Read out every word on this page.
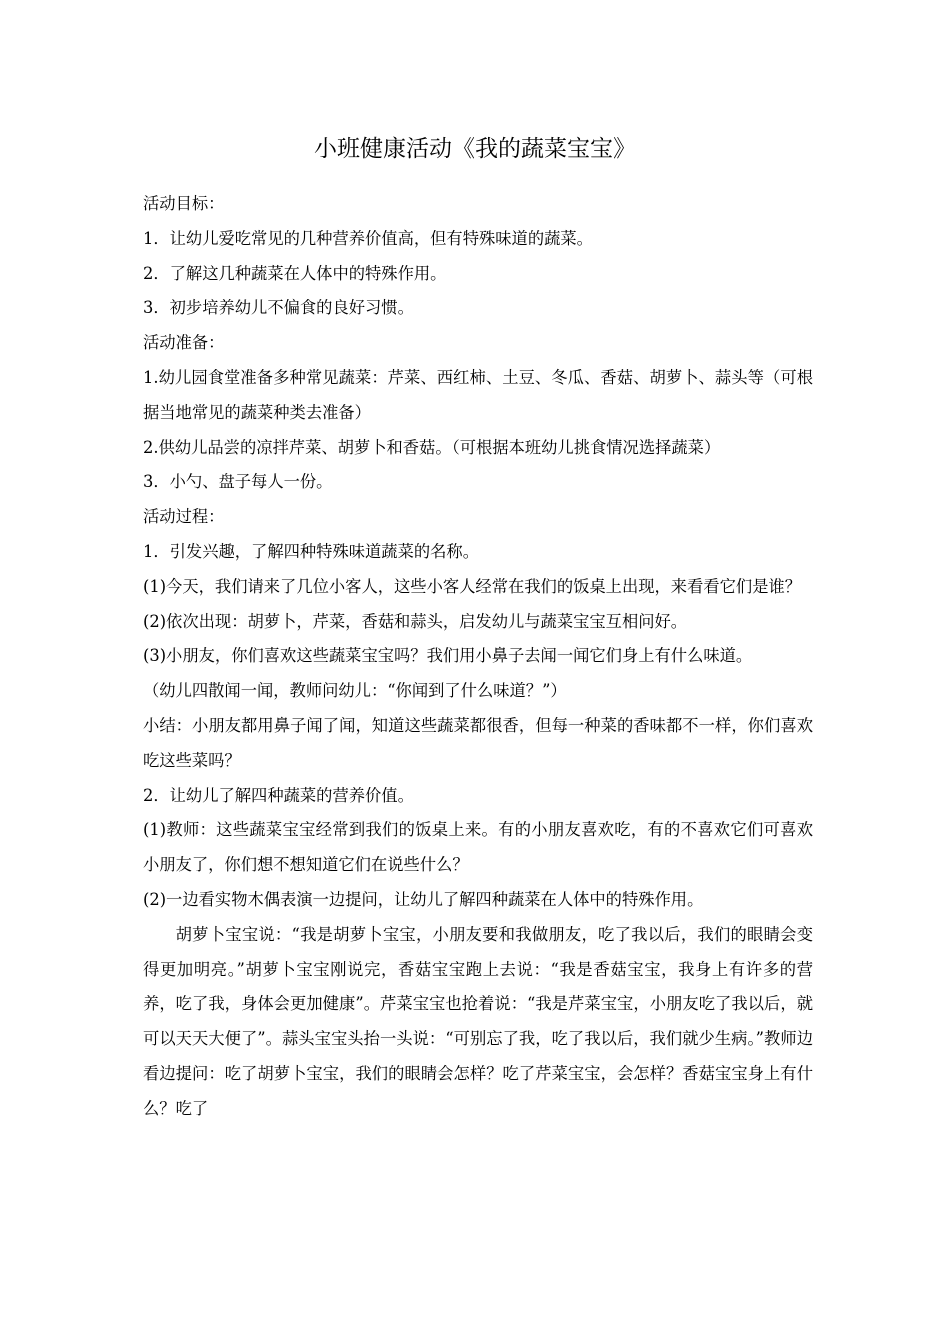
小班健康活动《我的蔬菜宝宝》

活动目标：

1．让幼儿爱吃常见的几种营养价值高，但有特殊味道的蔬菜。

2．了解这几种蔬菜在人体中的特殊作用。

3．初步培养幼儿不偏食的良好习惯。

活动准备：

1.幼儿园食堂准备多种常见蔬菜：芹菜、西红柿、土豆、冬瓜、香菇、胡萝卜、蒜头等（可根据当地常见的蔬菜种类去准备）

2.供幼儿品尝的凉拌芹菜、胡萝卜和香菇。（可根据本班幼儿挑食情况选择蔬菜）

3．小勺、盘子每人一份。

活动过程：

1．引发兴趣，了解四种特殊味道蔬菜的名称。

(1)今天，我们请来了几位小客人，这些小客人经常在我们的饭桌上出现，来看看它们是谁？

(2)依次出现：胡萝卜，芹菜，香菇和蒜头，启发幼儿与蔬菜宝宝互相问好。

(3)小朋友，你们喜欢这些蔬菜宝宝吗？我们用小鼻子去闻一闻它们身上有什么味道。

（幼儿四散闻一闻，教师问幼儿：“你闻到了什么味道？”）

小结：小朋友都用鼻子闻了闻，知道这些蔬菜都很香，但每一种菜的香味都不一样，你们喜欢吃这些菜吗？

2．让幼儿了解四种蔬菜的营养价值。

(1)教师：这些蔬菜宝宝经常到我们的饭桌上来。有的小朋友喜欢吃，有的不喜欢它们可喜欢小朋友了，你们想不想知道它们在说些什么？

(2)一边看实物木偶表演一边提问，让幼儿了解四种蔬菜在人体中的特殊作用。

胡萝卜宝宝说：“我是胡萝卜宝宝，小朋友要和我做朋友，吃了我以后，我们的眼睛会变得更加明亮。”胡萝卜宝宝刚说完，香菇宝宝跑上去说：“我是香菇宝宝，我身上有许多的营养，吃了我，身体会更加健康”。芹菜宝宝也抢着说：“我是芹菜宝宝，小朋友吃了我以后，就可以天天大便了”。蒜头宝宝头抬一头说：“可别忘了我，吃了我以后，我们就少生病。”教师边看边提问：吃了胡萝卜宝宝，我们的眼睛会怎样？吃了芹菜宝宝，会怎样？香菇宝宝身上有什么？吃了
